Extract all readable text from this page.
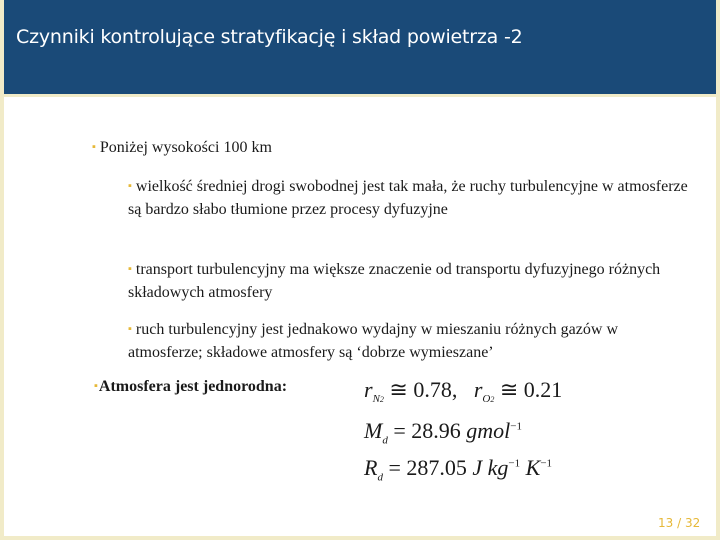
Czynniki kontrolujące stratyfikację i skład powietrza -2
▪ Poniżej wysokości 100 km
▪ wielkość średniej drogi swobodnej jest tak mała, że ruchy turbulencyjne w atmosferze są bardzo słabo tłumione przez procesy dyfuzyjne
▪ transport turbulencyjny ma większe znaczenie od transportu dyfuzyjnego różnych składowych atmosfery
▪ ruch turbulencyjny jest jednakowo wydajny w mieszaniu różnych gazów w atmosferze; składowe atmosfery są ‘dobrze wymieszane’
▪Atmosfera jest jednorodna:	$r_{N2}$ ≅ 0.78,   $r_{O2}$ ≅ 0.21
$M_d = 28.96$ gmol$^{-1}$
$R_d = 287.05$ J $kg^{-1}$ $K^{-1}$
13 / 32
